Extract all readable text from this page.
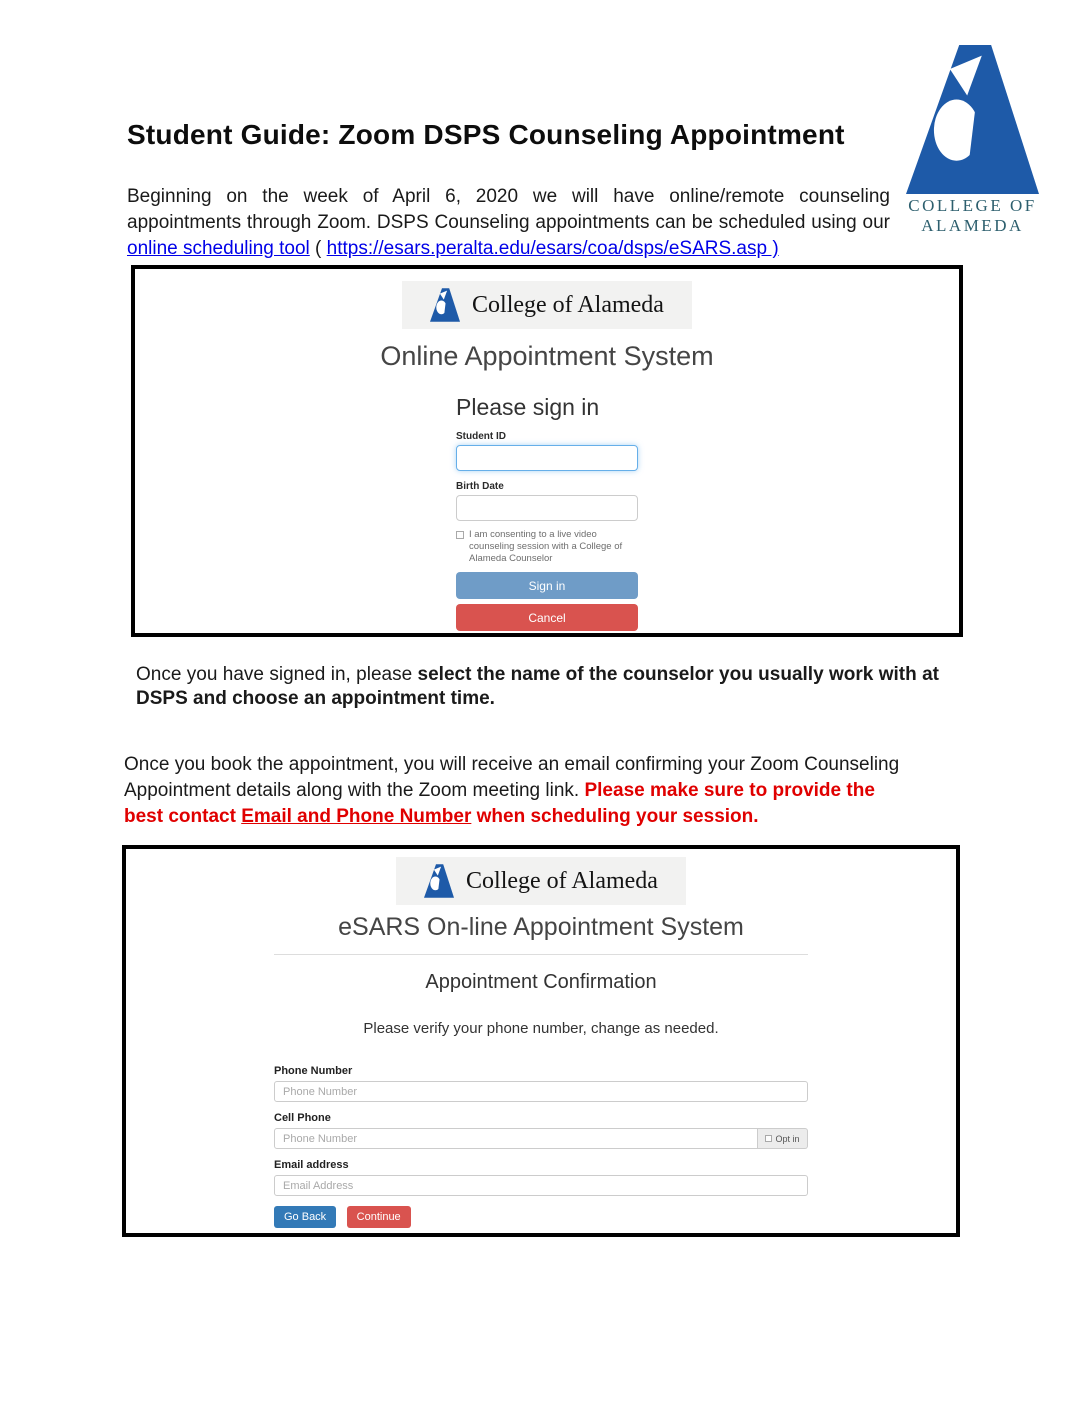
COLLEGE OF
ALAMEDA
Student Guide: Zoom DSPS Counseling Appointment

Beginning on the week of April 6, 2020 we will have online/remote counseling appointments through Zoom. DSPS Counseling appointments can be scheduled using our online scheduling tool ( https://esars.peralta.edu/esars/coa/dsps/eSARS.asp )

College of Alameda
Online Appointment System
Please sign in
Student ID
Birth Date
I am consenting to a live video counseling session with a College of Alameda Counselor
Sign in
Cancel

Once you have signed in, please select the name of the counselor you usually work with at DSPS and choose an appointment time.

Once you book the appointment, you will receive an email confirming your Zoom Counseling Appointment details along with the Zoom meeting link. Please make sure to provide the best contact Email and Phone Number when scheduling your session.

College of Alameda
eSARS On-line Appointment System
Appointment Confirmation
Please verify your phone number, change as needed.
Phone Number
Phone Number
Cell Phone
Phone Number
Opt in
Email address
Email Address
Go Back	Continue
